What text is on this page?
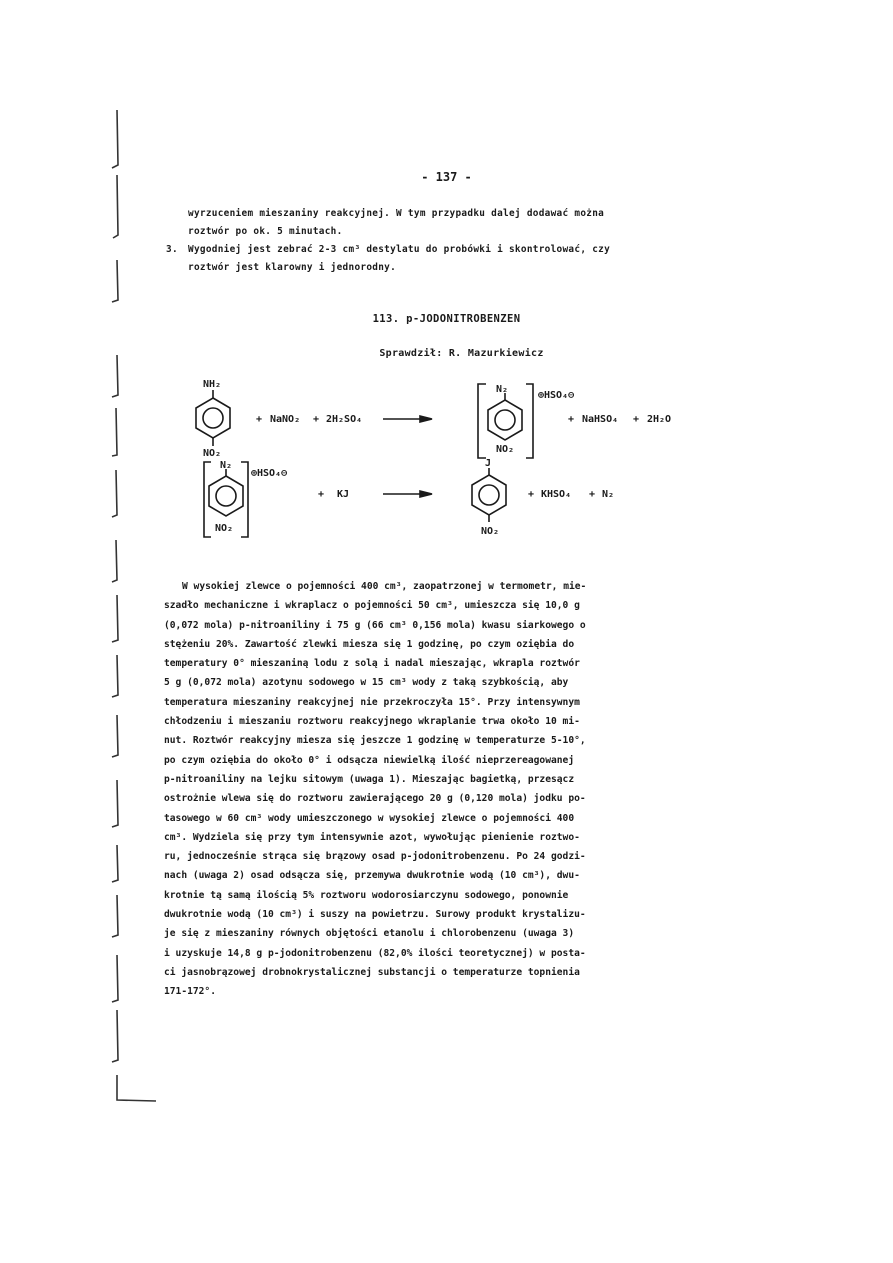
- 137 -
wyrzuceniem mieszaniny reakcyjnej. W tym przypadku dalej dodawać można
roztwór po ok. 5 minutach.
3. Wygodniej jest zebrać 2-3 cm³ destylatu do probówki i skontrolować, czy
roztwór jest klarowny i jednorodny.
113. p-JODONITROBENZEN
Sprawdził: R. Mazurkiewicz
NH₂
NO₂
+ NaNO₂ + 2H₂SO₄
N₂
⊕HSO₄⊖
NO₂
+ NaHSO₄ + 2H₂O
N₂
⊕HSO₄⊖
NO₂
+ KJ
J
NO₂
+ KHSO₄ + N₂
W wysokiej zlewce o pojemności 400 cm³, zaopatrzonej w termometr, mie-
szadło mechaniczne i wkraplacz o pojemności 50 cm³, umieszcza się 10,0 g
(0,072 mola) p-nitroaniliny i 75 g (66 cm³ 0,156 mola) kwasu siarkowego o
stężeniu 20%. Zawartość zlewki miesza się 1 godzinę, po czym oziębia do
temperatury 0° mieszaniną lodu z solą i nadal mieszając, wkrapla roztwór
5 g (0,072 mola) azotynu sodowego w 15 cm³ wody z taką szybkością, aby
temperatura mieszaniny reakcyjnej nie przekroczyła 15°. Przy intensywnym
chłodzeniu i mieszaniu roztworu reakcyjnego wkraplanie trwa około 10 mi-
nut. Roztwór reakcyjny miesza się jeszcze 1 godzinę w temperaturze 5-10°,
po czym oziębia do około 0° i odsącza niewielką ilość nieprzereagowanej
p-nitroaniliny na lejku sitowym (uwaga 1). Mieszając bagietką, przesącz
ostrożnie wlewa się do roztworu zawierającego 20 g (0,120 mola) jodku po-
tasowego w 60 cm³ wody umieszczonego w wysokiej zlewce o pojemności 400
cm³. Wydziela się przy tym intensywnie azot, wywołując pienienie roztwo-
ru, jednocześnie strąca się brązowy osad p-jodonitrobenzenu. Po 24 godzi-
nach (uwaga 2) osad odsącza się, przemywa dwukrotnie wodą (10 cm³), dwu-
krotnie tą samą ilością 5% roztworu wodorosiarczynu sodowego, ponownie
dwukrotnie wodą (10 cm³) i suszy na powietrzu. Surowy produkt krystalizu-
je się z mieszaniny równych objętości etanolu i chlorobenzenu (uwaga 3)
i uzyskuje 14,8 g p-jodonitrobenzenu (82,0% ilości teoretycznej) w posta-
ci jasnobrązowej drobnokrystalicznej substancji o temperaturze topnienia
171-172°.
